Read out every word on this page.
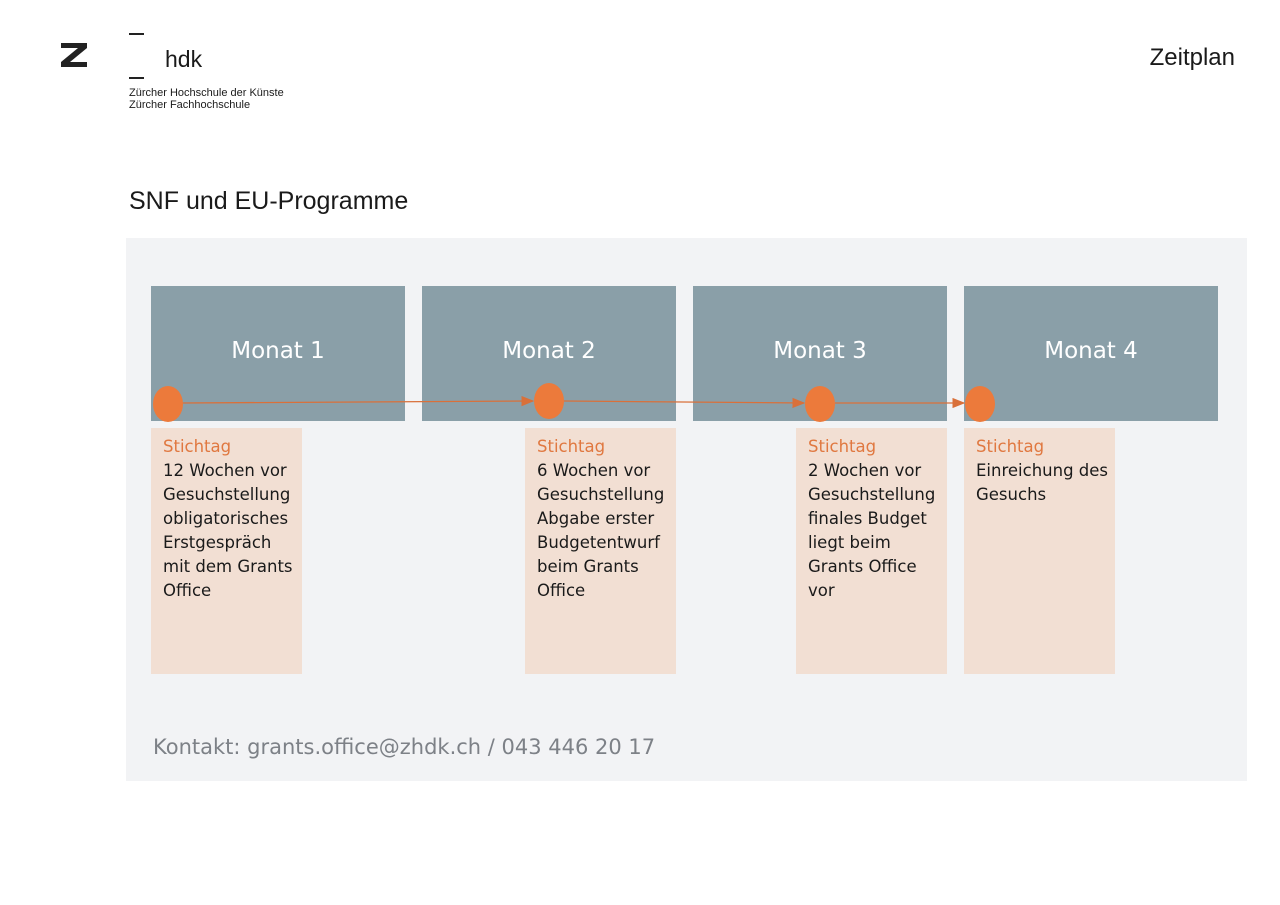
hdk
Zürcher Hochschule der Künste
Zürcher Fachhochschule
Zeitplan
SNF und EU-Programme
Monat 1	Monat 2	Monat 3	Monat 4
Stichtag
12 Wochen vor
Gesuchstellung
obligatorisches
Erstgespräch
mit dem Grants
Office
Stichtag
6 Wochen vor
Gesuchstellung
Abgabe erster
Budgetentwurf
beim Grants
Office
Stichtag
2 Wochen vor
Gesuchstellung
finales Budget
liegt beim
Grants Office
vor
Stichtag
Einreichung des
Gesuchs
Kontakt: grants.office@zhdk.ch / 043 446 20 17
